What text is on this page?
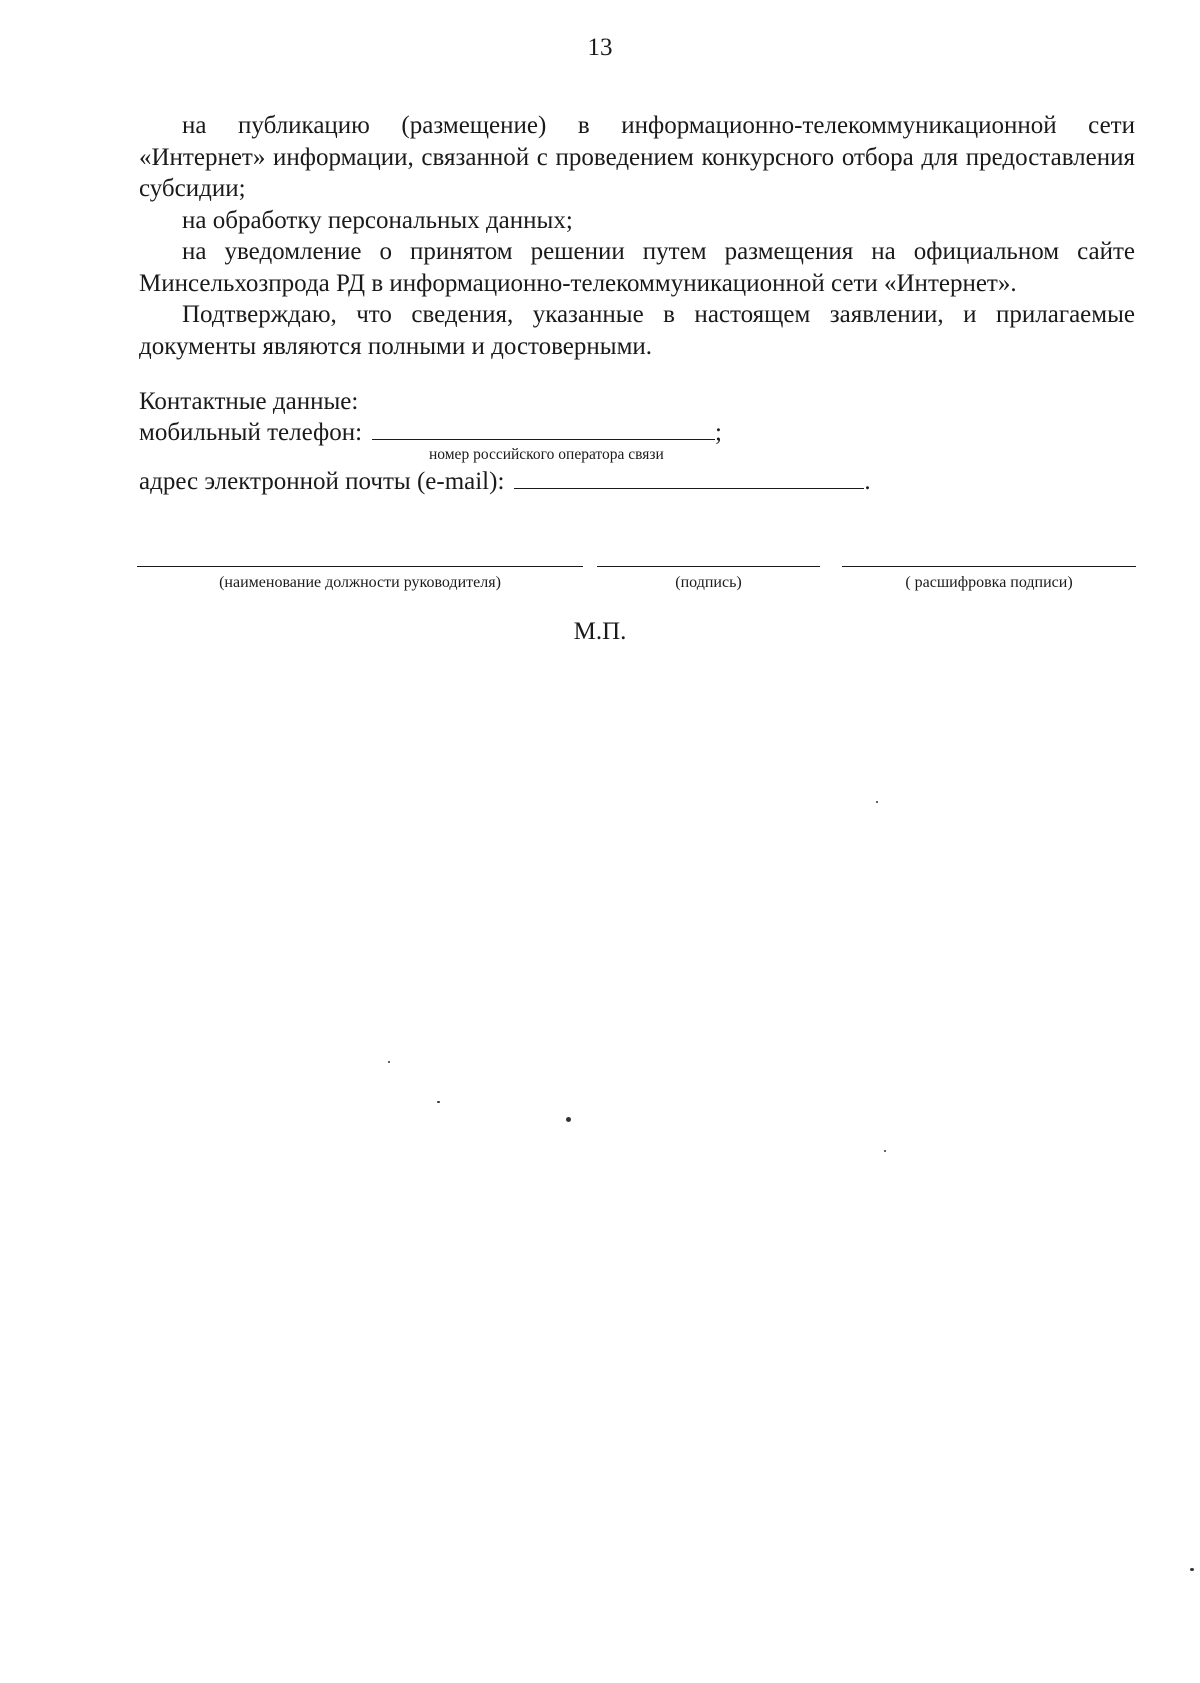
13

на публикацию (размещение) в информационно-телекоммуникационной сети «Интернет» информации, связанной с проведением конкурсного отбора для предоставления субсидии;

на обработку персональных данных;

на уведомление о принятом решении путем размещения на официальном сайте Минсельхозпрода РД в информационно-телекоммуникационной сети «Интернет».

Подтверждаю, что сведения, указанные в настоящем заявлении, и прилагаемые документы являются полными и достоверными.

Контактные данные:
мобильный телефон:	;
номер российского оператора связи
адрес электронной почты (e-mail):	.
(наименование должности руководителя)	(подпись)	( расшифровка подписи)
М.П.
